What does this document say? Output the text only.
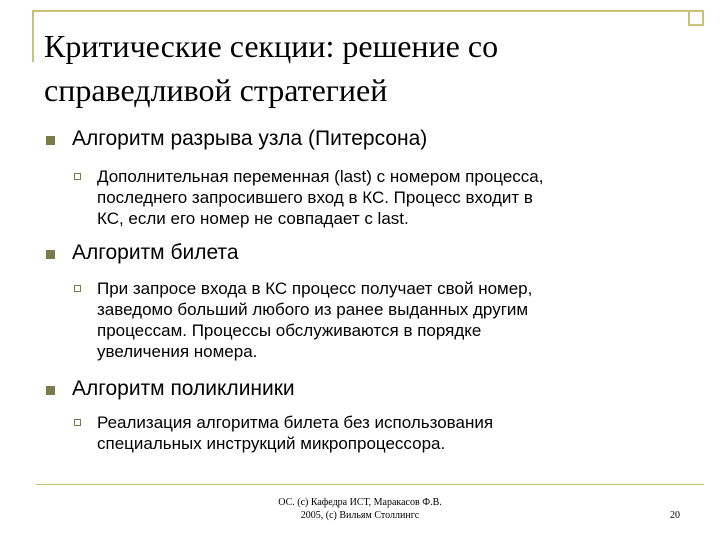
Критические секции: решение со
справедливой стратегией
Алгоритм разрыва узла (Питерсона)
Дополнительная переменная (last) с номером процесса,
последнего запросившего вход в КС. Процесс входит в
КС, если его номер не совпадает с last.
Алгоритм билета
При запросе входа в КС процесс получает свой номер,
заведомо больший любого из ранее выданных другим
процессам. Процессы обслуживаются в порядке
увеличения номера.
Алгоритм поликлиники
Реализация алгоритма билета без использования
специальных инструкций микропроцессора.
ОС. (с) Кафедра ИСТ, Маракасов Ф.В.
2005, (с) Вильям Столлингс	20
